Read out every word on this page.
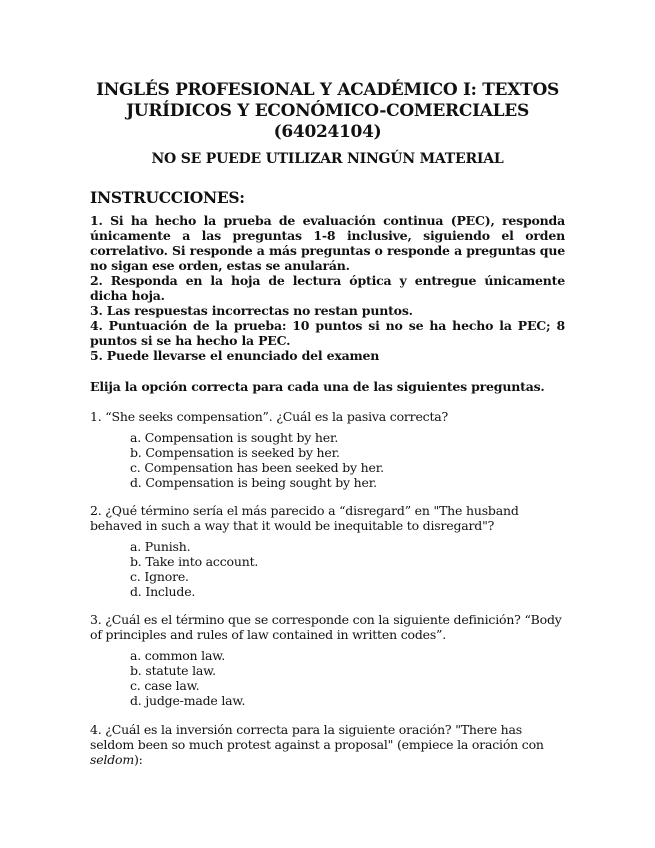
INGLÉS PROFESIONAL Y ACADÉMICO I: TEXTOS
JURÍDICOS Y ECONÓMICO-COMERCIALES
(64024104)
NO SE PUEDE UTILIZAR NINGÚN MATERIAL
INSTRUCCIONES:

1. Si ha hecho la prueba de evaluación continua (PEC), responda únicamente a las preguntas 1-8 inclusive, siguiendo el orden correlativo. Si responde a más preguntas o responde a preguntas que no sigan ese orden, estas se anularán.

2. Responda en la hoja de lectura óptica y entregue únicamente dicha hoja.

3. Las respuestas incorrectas no restan puntos.

4. Puntuación de la prueba: 10 puntos si no se ha hecho la PEC; 8 puntos si se ha hecho la PEC.

5. Puede llevarse el enunciado del examen

Elija la opción correcta para cada una de las siguientes preguntas.

1. “She seeks compensation”. ¿Cuál es la pasiva correcta?

a. Compensation is sought by her.
b. Compensation is seeked by her.
c. Compensation has been seeked by her.
d. Compensation is being sought by her.

2. ¿Qué término sería el más parecido a “disregard” en "The husband behaved in such a way that it would be inequitable to disregard"?

a. Punish.
b. Take into account.
c. Ignore.
d. Include.

3. ¿Cuál es el término que se corresponde con la siguiente definición? “Body of principles and rules of law contained in written codes”.

a. common law.
b. statute law.
c. case law.
d. judge-made law.

4. ¿Cuál es la inversión correcta para la siguiente oración? "There has seldom been so much protest against a proposal" (empiece la oración con seldom):
